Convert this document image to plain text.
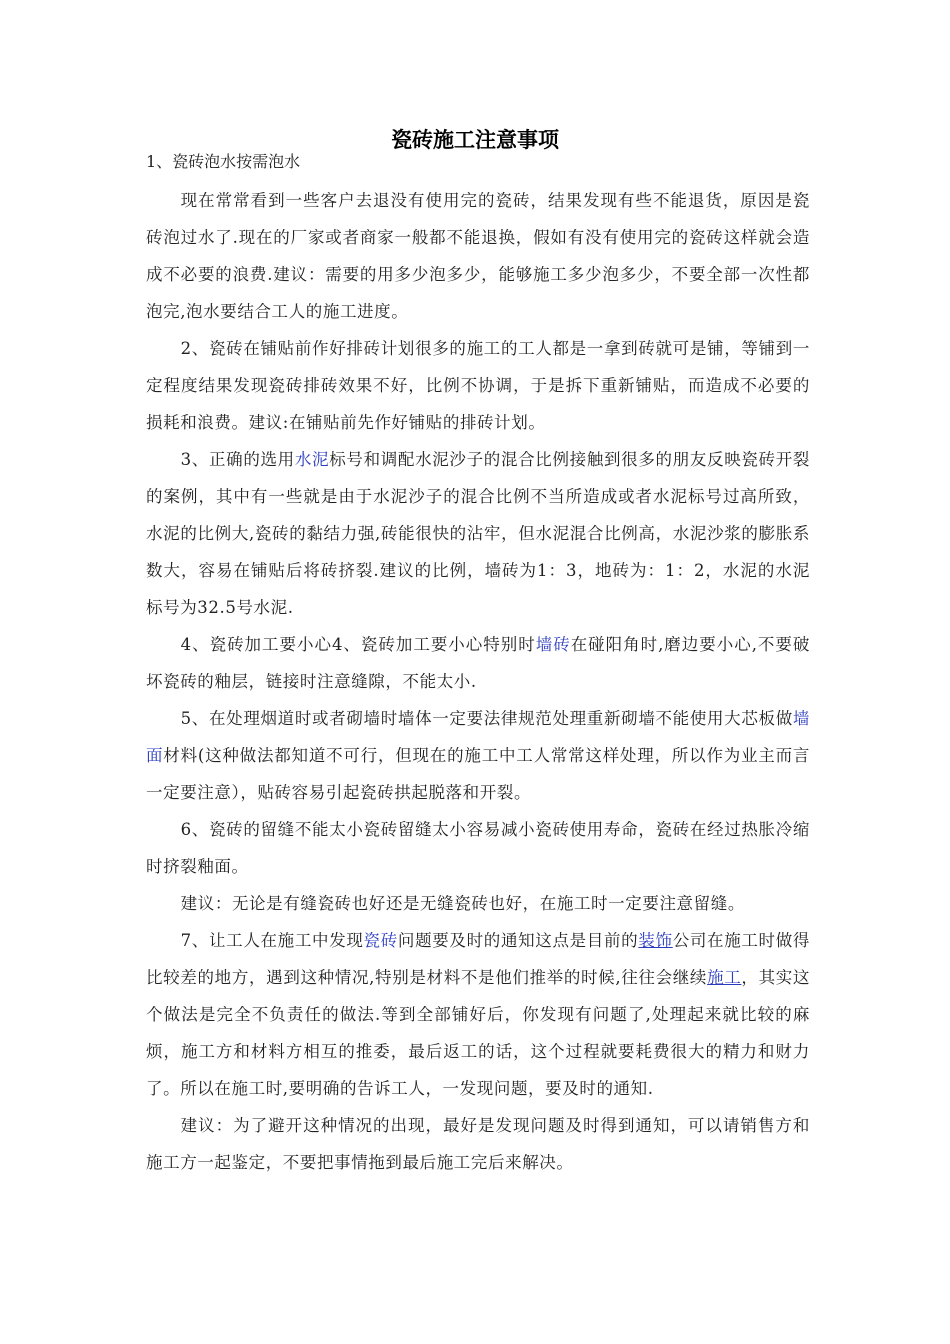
瓷砖施工注意事项
1、瓷砖泡水按需泡水

现在常常看到一些客户去退没有使用完的瓷砖，结果发现有些不能退货，原因是瓷砖泡过水了.现在的厂家或者商家一般都不能退换，假如有没有使用完的瓷砖这样就会造成不必要的浪费.建议：需要的用多少泡多少，能够施工多少泡多少，不要全部一次性都泡完,泡水要结合工人的施工进度。

2、瓷砖在铺贴前作好排砖计划很多的施工的工人都是一拿到砖就可是铺，等铺到一定程度结果发现瓷砖排砖效果不好，比例不协调，于是拆下重新铺贴，而造成不必要的损耗和浪费。建议:在铺贴前先作好铺贴的排砖计划。

3、正确的选用水泥标号和调配水泥沙子的混合比例接触到很多的朋友反映瓷砖开裂的案例，其中有一些就是由于水泥沙子的混合比例不当所造成或者水泥标号过高所致，水泥的比例大,瓷砖的黏结力强,砖能很快的沾牢，但水泥混合比例高，水泥沙浆的膨胀系数大，容易在铺贴后将砖挤裂.建议的比例，墙砖为1：3，地砖为：1：2，水泥的水泥标号为32.5号水泥.

4、瓷砖加工要小心4、瓷砖加工要小心特别时墙砖在碰阳角时,磨边要小心,不要破坏瓷砖的釉层，链接时注意缝隙，不能太小.

5、在处理烟道时或者砌墙时墙体一定要法律规范处理重新砌墙不能使用大芯板做墙面材料(这种做法都知道不可行，但现在的施工中工人常常这样处理，所以作为业主而言一定要注意），贴砖容易引起瓷砖拱起脱落和开裂。

6、瓷砖的留缝不能太小瓷砖留缝太小容易减小瓷砖使用寿命，瓷砖在经过热胀冷缩时挤裂釉面。

建议：无论是有缝瓷砖也好还是无缝瓷砖也好，在施工时一定要注意留缝。

7、让工人在施工中发现瓷砖问题要及时的通知这点是目前的装饰公司在施工时做得比较差的地方，遇到这种情况,特别是材料不是他们推举的时候,往往会继续施工，其实这个做法是完全不负责任的做法.等到全部铺好后，你发现有问题了,处理起来就比较的麻烦，施工方和材料方相互的推委，最后返工的话，这个过程就要耗费很大的精力和财力了。所以在施工时,要明确的告诉工人，一发现问题，要及时的通知.

建议：为了避开这种情况的出现，最好是发现问题及时得到通知，可以请销售方和施工方一起鉴定，不要把事情拖到最后施工完后来解决。
